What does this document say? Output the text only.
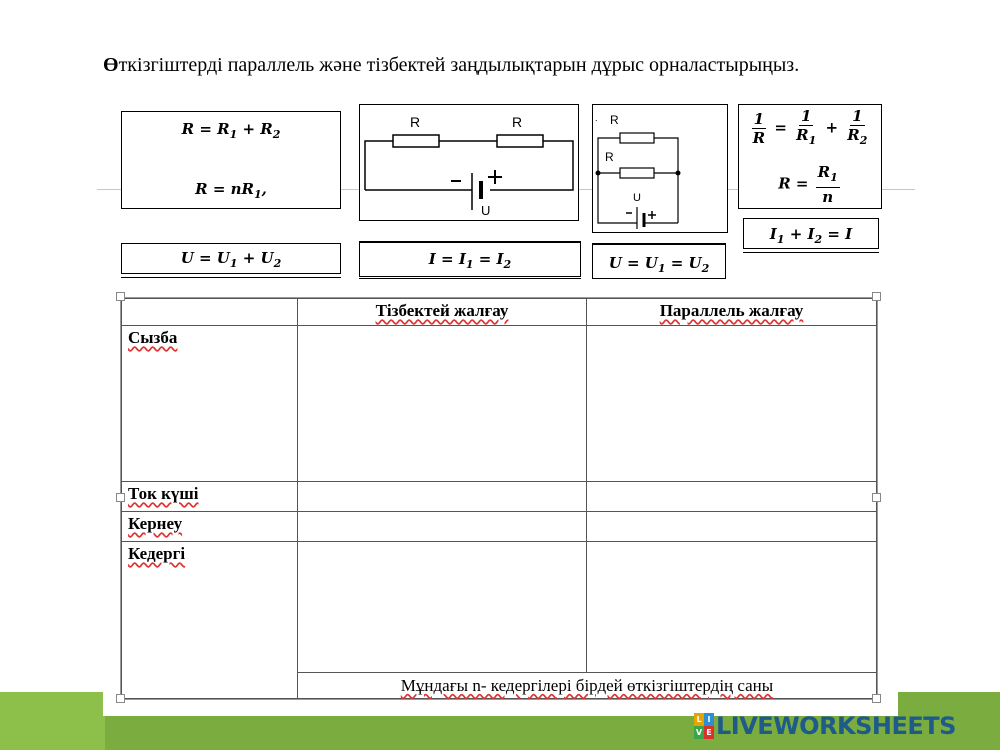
Өткізгіштерді параллель және тізбектей заңдылықтарын дұрыс орналастырыңыз.
$R = R_1 + R_2$
$R = nR_1$,
R	R
U
. R
R
U
$\frac{1}{R} = \frac{1}{R_1} + \frac{1}{R_2}$
$R = \frac{R_1}{n}$
$U = U_1 + U_2$	$I = I_1 = I_2$	$U = U_1 = U_2$
$I_1 + I_2 = I$
	Тізбектей жалғау	Параллель жалғау
Сызба		
Ток күші		
Кернеу		
Кедергі		
	Мұндағы n- кедергілері бірдей өткізгіштердің саны	
L I
V E LIVEWORKSHEETS
